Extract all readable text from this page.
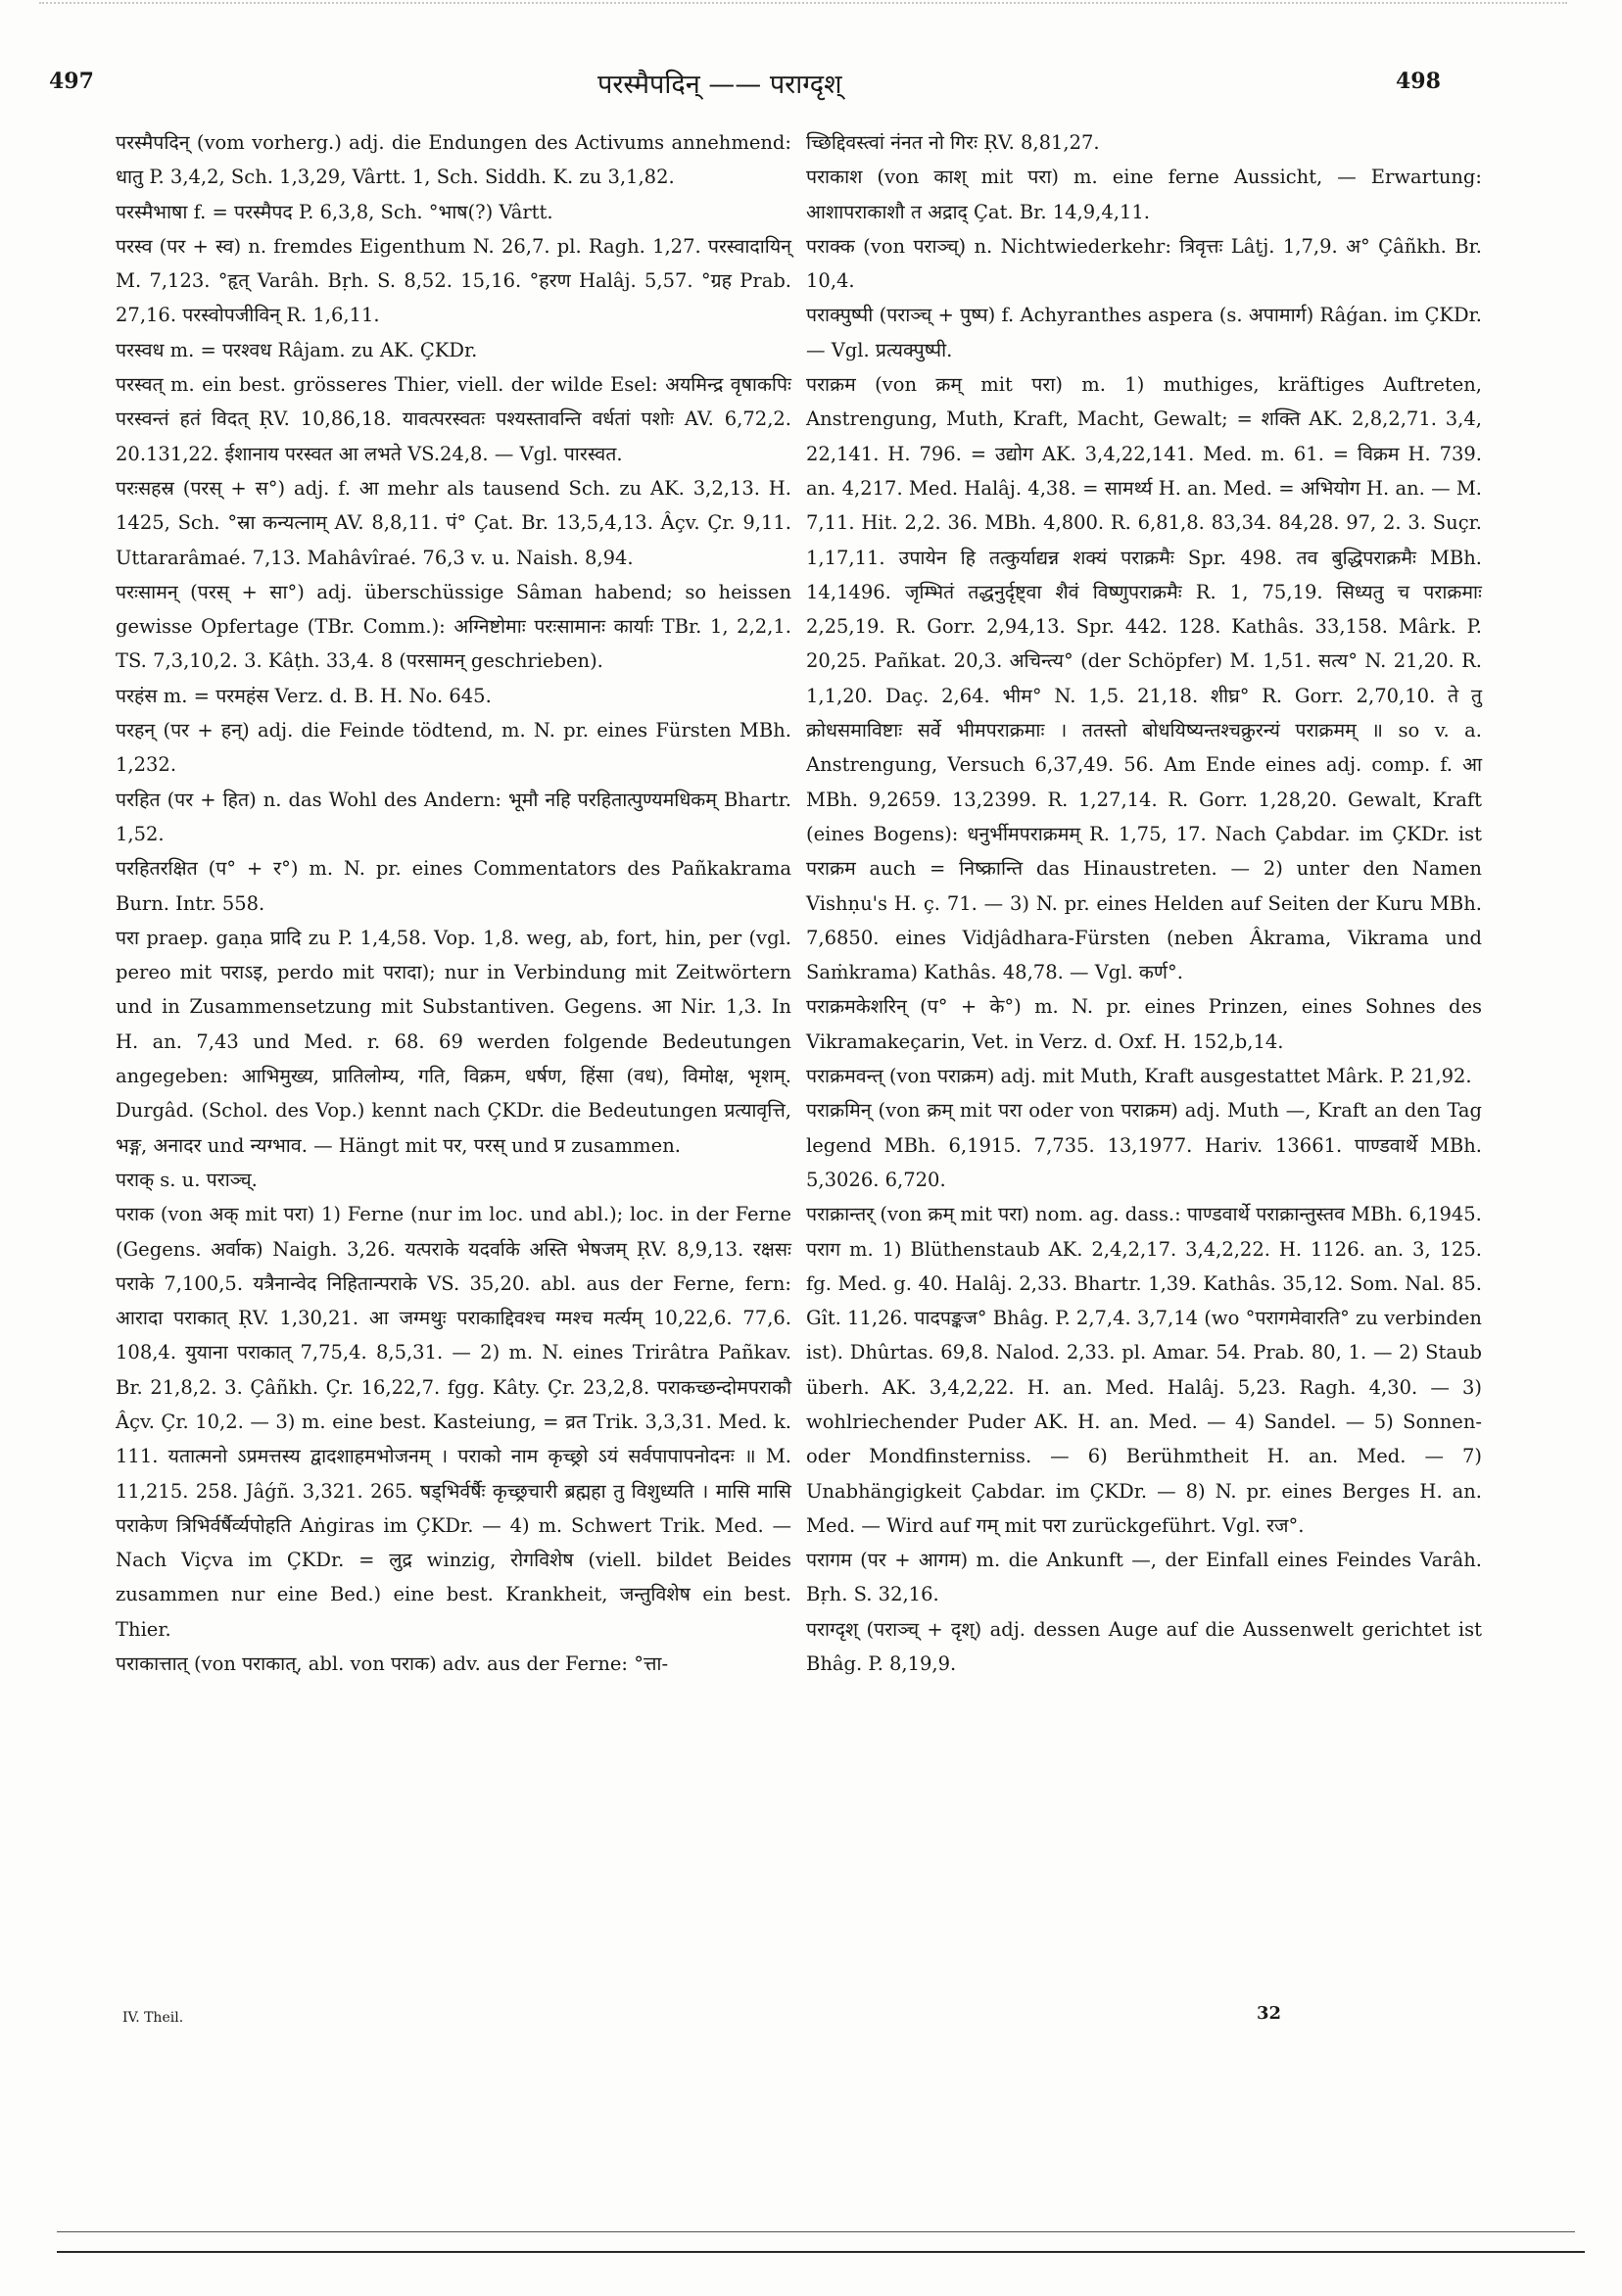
497	परस्मैपदिन् —— पराग्दृश्	498

परस्मैपदिन् (vom vorherg.) adj. die Endungen des Activums annehmend: धातु P. 3,4,2, Sch. 1,3,29, Vârtt. 1, Sch. Siddh. K. zu 3,1,82.

परस्मैभाषा f. = परस्मैपद P. 6,3,8, Sch. °भाष(?) Vârtt.

परस्व (पर + स्व) n. fremdes Eigenthum N. 26,7. pl. Ragh. 1,27. परस्वादायिन् M. 7,123. °हृत् Varâh. Bṛh. S. 8,52. 15,16. °हरण Halâj. 5,57. °ग्रह Prab. 27,16. परस्वोपजीविन् R. 1,6,11.

परस्वध m. = परश्वध Râjam. zu AK. ÇKDr.

परस्वत् m. ein best. grösseres Thier, viell. der wilde Esel: अयमिन्द्र वृषाकपिः परस्वन्तं हतं विदत् ṚV. 10,86,18. यावत्परस्वतः पश्यस्तावन्ति वर्धतां पशोः AV. 6,72,2. 20.131,22. ईशानाय परस्वत आ लभते VS.24,8. — Vgl. पारस्वत.

परःसहस्र (परस् + स°) adj. f. आ mehr als tausend Sch. zu AK. 3,2,13. H. 1425, Sch. °स्रा कन्यत्नाम् AV. 8,8,11. पं° Çat. Br. 13,5,4,13. Âçv. Çr. 9,11. Uttararâmaé. 7,13. Mahâvîraé. 76,3 v. u. Naish. 8,94.

परःसामन् (परस् + सा°) adj. überschüssige Sâman habend; so heissen gewisse Opfertage (TBr. Comm.): अग्निष्टोमाः परःसामानः कार्याः TBr. 1, 2,2,1. TS. 7,3,10,2. 3. Kâṭh. 33,4. 8 (परसामन् geschrieben).

परहंस m. = परमहंस Verz. d. B. H. No. 645.

परहन् (पर + हन्) adj. die Feinde tödtend, m. N. pr. eines Fürsten MBh. 1,232.

परहित (पर + हित) n. das Wohl des Andern: भूमौ नहि परहितात्पुण्यमधिकम् Bhartr. 1,52.

परहितरक्षित (प° + र°) m. N. pr. eines Commentators des Pañkakrama Burn. Intr. 558.

परा praep. gaṇa प्रादि zu P. 1,4,58. Vop. 1,8. weg, ab, fort, hin, per (vgl. pereo mit पराऽइ, perdo mit परादा); nur in Verbindung mit Zeitwörtern und in Zusammensetzung mit Substantiven. Gegens. आ Nir. 1,3. In H. an. 7,43 und Med. r. 68. 69 werden folgende Bedeutungen angegeben: आभिमुख्य, प्रातिलोम्य, गति, विक्रम, धर्षण, हिंसा (वध), विमोक्ष, भृशम्. Durgâd. (Schol. des Vop.) kennt nach ÇKDr. die Bedeutungen प्रत्यावृत्ति, भङ्ग, अनादर und न्यग्भाव. — Hängt mit पर, परस् und प्र zusammen.

पराक् s. u. पराञ्च्.

पराक (von अक् mit परा) 1) Ferne (nur im loc. und abl.); loc. in der Ferne (Gegens. अर्वाक) Naigh. 3,26. यत्पराके यदर्वाके अस्ति भेषजम् ṚV. 8,9,13. रक्षसः पराके 7,100,5. यत्रैनान्वेद निहितान्पराके VS. 35,20. abl. aus der Ferne, fern: आरादा पराकात् ṚV. 1,30,21. आ जग्मथुः पराकाद्दिवश्च ग्मश्च मर्त्यम् 10,22,6. 77,6. 108,4. युयाना पराकात् 7,75,4. 8,5,31. — 2) m. N. eines Trirâtra Pañkav. Br. 21,8,2. 3. Çâñkh. Çr. 16,22,7. fgg. Kâty. Çr. 23,2,8. पराकच्छन्दोमपराकौ Âçv. Çr. 10,2. — 3) m. eine best. Kasteiung, = व्रत Trik. 3,3,31. Med. k. 111. यतात्मनो ऽप्रमत्तस्य द्वादशाहमभोजनम् । पराको नाम कृच्छ्रो ऽयं सर्वपापापनोदनः ॥ M. 11,215. 258. Jâǵñ. 3,321. 265. षड्भिर्वर्षैः कृच्छ्रचारी ब्रह्महा तु विशुध्यति । मासि मासि पराकेण त्रिभिर्वर्षैर्व्यपोहति Aṅgiras im ÇKDr. — 4) m. Schwert Trik. Med. — Nach Viçva im ÇKDr. = लुद्र winzig, रोगविशेष (viell. bildet Beides zusammen nur eine Bed.) eine best. Krankheit, जन्तुविशेष ein best. Thier.

पराकात्तात् (von पराकात्, abl. von पराक) adv. aus der Ferne: °त्ता-

च्छिद्दिवस्त्वां नंनत नो गिरः ṚV. 8,81,27.

पराकाश (von काश् mit परा) m. eine ferne Aussicht, — Erwartung: आशापराकाशौ त अद्राद् Çat. Br. 14,9,4,11.

पराक्क (von पराञ्च्) n. Nichtwiederkehr: त्रिवृत्तः Lâṭj. 1,7,9. अ° Çâñkh. Br. 10,4.

पराक्पुष्पी (पराञ्च् + पुष्प) f. Achyranthes aspera (s. अपामार्ग) Râǵan. im ÇKDr. — Vgl. प्रत्यक्पुष्पी.

पराक्रम (von क्रम् mit परा) m. 1) muthiges, kräftiges Auftreten, Anstrengung, Muth, Kraft, Macht, Gewalt; = शक्ति AK. 2,8,2,71. 3,4, 22,141. H. 796. = उद्योग AK. 3,4,22,141. Med. m. 61. = विक्रम H. 739. an. 4,217. Med. Halâj. 4,38. = सामर्थ्य H. an. Med. = अभियोग H. an. — M. 7,11. Hit. 2,2. 36. MBh. 4,800. R. 6,81,8. 83,34. 84,28. 97, 2. 3. Suçr. 1,17,11. उपायेन हि तत्कुर्याद्यन्न शक्यं पराक्रमैः Spr. 498. तव बुद्धिपराक्रमैः MBh. 14,1496. जृम्भितं तद्धनुर्दृष्ट्वा शैवं विष्णुपराक्रमैः R. 1, 75,19. सिध्यतु च पराक्रमाः 2,25,19. R. Gorr. 2,94,13. Spr. 442. 128. Kathâs. 33,158. Mârk. P. 20,25. Pañkat. 20,3. अचिन्त्य° (der Schöpfer) M. 1,51. सत्य° N. 21,20. R. 1,1,20. Daç. 2,64. भीम° N. 1,5. 21,18. शीघ्र° R. Gorr. 2,70,10. ते तु क्रोधसमाविष्टाः सर्वे भीमपराक्रमाः । ततस्तो बोधयिष्यन्तश्चक्रुरन्यं पराक्रमम् ॥ so v. a. Anstrengung, Versuch 6,37,49. 56. Am Ende eines adj. comp. f. आ MBh. 9,2659. 13,2399. R. 1,27,14. R. Gorr. 1,28,20. Gewalt, Kraft (eines Bogens): धनुर्भीमपराक्रमम् R. 1,75, 17. Nach Çabdar. im ÇKDr. ist पराक्रम auch = निष्क्रान्ति das Hinaustreten. — 2) unter den Namen Vishṇu's H. ç. 71. — 3) N. pr. eines Helden auf Seiten der Kuru MBh. 7,6850. eines Vidjâdhara-Fürsten (neben Âkrama, Vikrama und Saṁkrama) Kathâs. 48,78. — Vgl. कर्ण°.

पराक्रमकेशरिन् (प° + के°) m. N. pr. eines Prinzen, eines Sohnes des Vikramakeçarin, Vet. in Verz. d. Oxf. H. 152,b,14.

पराक्रमवन्त् (von पराक्रम) adj. mit Muth, Kraft ausgestattet Mârk. P. 21,92.

पराक्रमिन् (von क्रम् mit परा oder von पराक्रम) adj. Muth —, Kraft an den Tag legend MBh. 6,1915. 7,735. 13,1977. Hariv. 13661. पाण्डवार्थे MBh. 5,3026. 6,720.

पराक्रान्तर् (von क्रम् mit परा) nom. ag. dass.: पाण्डवार्थे पराक्रान्तुस्तव MBh. 6,1945.

पराग m. 1) Blüthenstaub AK. 2,4,2,17. 3,4,2,22. H. 1126. an. 3, 125. fg. Med. g. 40. Halâj. 2,33. Bhartr. 1,39. Kathâs. 35,12. Som. Nal. 85. Gît. 11,26. पादपङ्कज° Bhâg. P. 2,7,4. 3,7,14 (wo °परागमेवारति° zu verbinden ist). Dhûrtas. 69,8. Nalod. 2,33. pl. Amar. 54. Prab. 80, 1. — 2) Staub überh. AK. 3,4,2,22. H. an. Med. Halâj. 5,23. Ragh. 4,30. — 3) wohlriechender Puder AK. H. an. Med. — 4) Sandel. — 5) Sonnen- oder Mondfinsterniss. — 6) Berühmtheit H. an. Med. — 7) Unabhängigkeit Çabdar. im ÇKDr. — 8) N. pr. eines Berges H. an. Med. — Wird auf गम् mit परा zurückgeführt. Vgl. रज°.

परागम (पर + आगम) m. die Ankunft —, der Einfall eines Feindes Varâh. Bṛh. S. 32,16.

पराग्दृश् (पराञ्च् + दृश्) adj. dessen Auge auf die Aussenwelt gerichtet ist Bhâg. P. 8,19,9.

IV. Theil.	32
